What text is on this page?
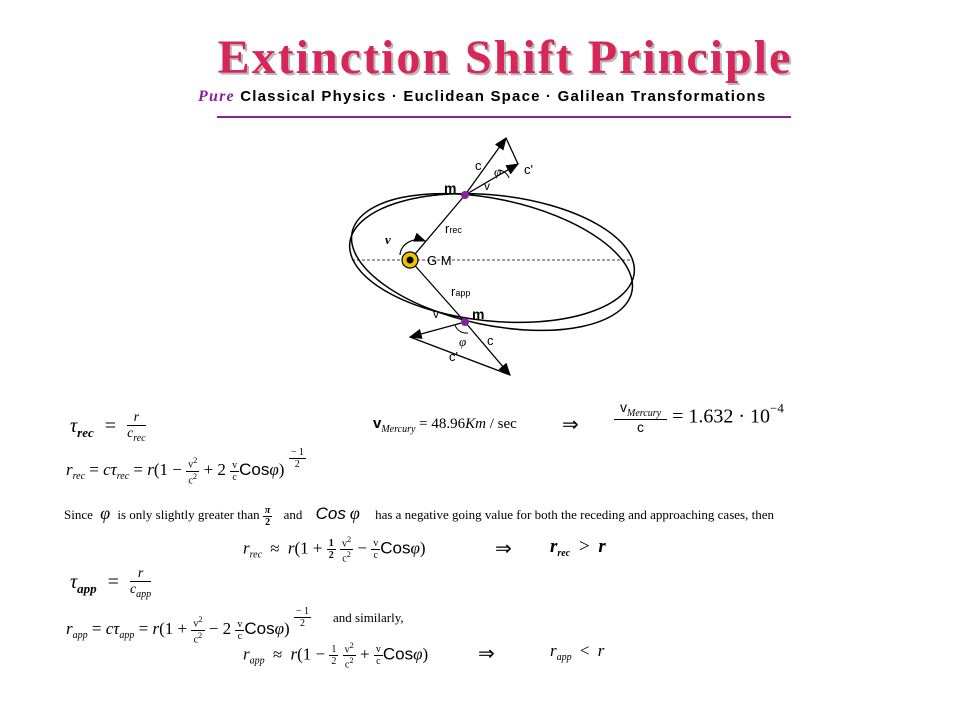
Extinction Shift Principle
Pure Classical Physics · Euclidean Space · Galilean Transformations
c	c'
φ
v
m
rrec
ν
G M
rapp
v m
φ c
c'
$\tau_{rec} = \frac{r}{c_{rec}}$	$v_{Mercury} = 48.96Km / \sec$ ⇒	$\frac{v_{Mercury}}{c} = 1.632 \cdot 10^{-4}$
$r_{rec} = c\tau_{rec} = r(1 - \frac{v^2}{c^2} + 2 \frac{v}{c} Cos\varphi) \frac{- 1}{2}$
Since φ is only slightly greater than $\frac{\pi}{2}$ and Cos φ has a negative going value for both the receding and approaching cases, then
$r_{rec} \approx r(1 + \frac{1}{2}$
$\frac{v^2}{c^2} - \frac{v}{c} Cos\varphi$)	⇒ $r_{rec} > r$
$\tau_{app} = \frac{r}{c_{app}}$
$r_{app} = c\tau_{app} = r(1 + \frac{v^2}{c^2} - 2 \frac{v}{c} Cos\varphi) \frac{- 1}{2}$ and similarly,
$r_{app} \approx r(1 - \frac{1}{2}$
$\frac{v^2}{c^2} + \frac{v}{c} Cos\varphi$) ⇒	$r_{app} < r$
